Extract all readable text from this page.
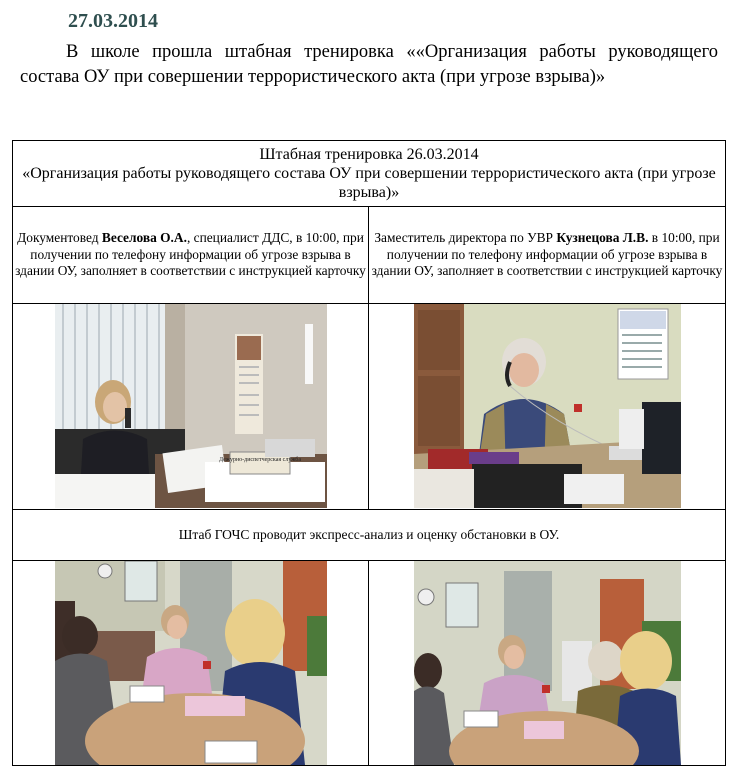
27.03.2014
В школе прошла штабная тренировка ««Организация работы руководящего состава ОУ при совершении террористического акта (при угрозе взрыва)»
Штабная тренировка 26.03.2014
«Организация работы руководящего состава ОУ при совершении террористического акта (при угрозе взрыва)»	

Документовед Веселова О.А., специалист ДДС, в 10:00, при получении по телефону информации об угрозе взрыва в здании ОУ, заполняет в соответствии с инструкцией карточку	Заместитель директора по УВР Кузнецова Л.В. в 10:00, при получении по телефону информации об угрозе взрыва в здании ОУ, заполняет в соответствии с инструкцией карточку

Дежурно-диспетчерская служба

Штаб ГОЧС проводит экспресс-анализ и оценку обстановки в ОУ.	
